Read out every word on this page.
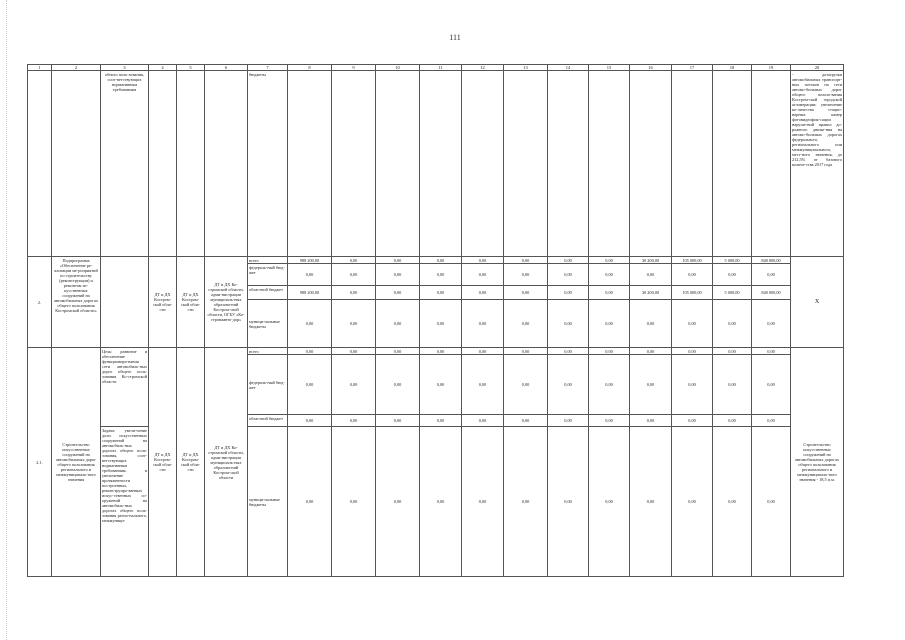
111
1	2	3	4	5	6	7	8	9	10	11	12	13	14	15	16	17	18	19	20
		обного поль-зования, соот-ветствующих нормативным требованиям				бюджеты													- дозагрузки автомобильных транспорт-ных потоков на сети автомо-бильных дорог общего пользо-вания Костром-ской городской агломерации; увеличение ко-личества стацио-нарных камер фотовидеофик-сации наруше-ний правил до-рожного движе-ния на автомо-бильных дорогах федерального, регионального или межмуниципального, мест-ного значения, до 212,5% от базового количе-ства 2017 года
2.	Подпрограмма «Обеспечение ре-ализации ме-роприятий по строительству (реконструкции) и ремонтам ис-кусственных сооружений на автомобильных дорогах общего пользования Костромской области»		ДТ и ДХ Костром-ской обла-сти	ДТ и ДХ Костром-ской обла-сти	ДТ и ДХ Ко-стромской области, адми-нистрации муниципаль-ных образова-ний Костром-ской области, ОГБУ «Ко-стромаавто-дор»	всего	988 200,00	0,00	0,00	0,00	0,00	0,00	0,00	0,00	30 200,00	105 000,00	5 000,00	848 000,00	Х
						федераль-ный бюд-жет	0,00	0,00	0,00	0,00	0,00	0,00	0,00	0,00	0,00	0,00	0,00	0,00	
						областной бюджет	988 200,00	0,00	0,00	0,00	0,00	0,00	0,00	0,00	30 200,00	105 000,00	5 000,00	848 000,00	
						муници-пальные бюджеты	0,00	0,00	0,00	0,00	0,00	0,00	0,00	0,00	0,00	0,00	0,00	0,00	
2.1.	Строительство искусственных сооружений на автомобильных дорог общего пользования регионального и межмуниципаль-ного значения	Цель: развитие и обеспечение функциониро-вания сети автомобиль-ных дорог общего поль-зования Ко-стромской области	ДТ и ДХ Костром-ской обла-сти	ДТ и ДХ Костром-ской обла-сти	ДТ и ДХ Ко-стромской области, адми-нистрации муниципаль-ных образова-ний Костром-ской области	всего	0,00	0,00	0,00	0,00	0,00	0,00	0,00	0,00	0,00	0,00	0,00	0,00	Строительство искусственных сооружений на автомобильных дорогах общего пользования регионального и межмуниципаль-ного значения - 18,5 п.м.
						федераль-ный бюд-жет	0,00	0,00	0,00	0,00	0,00	0,00	0,00	0,00	0,00	0,00	0,00	0,00	
						областной бюджет	0,00	0,00	0,00	0,00	0,00	0,00	0,00	0,00	0,00	0,00	0,00	0,00	
		Задача: увели-чение доли искусственных сооружений на автомобиль-ных дорогах общего поль-зования, соот-ветствующих нормативным требованиям, и увеличение протяженности построенных, реконструиро-ванных искус-ственных со-оружений на автомобиль-ных дорогах общего поль-зования регио-нального, межмуници-				муници-пальные бюджеты	0,00	0,00	0,00	0,00	0,00	0,00	0,00	0,00	0,00	0,00	0,00	0,00	
